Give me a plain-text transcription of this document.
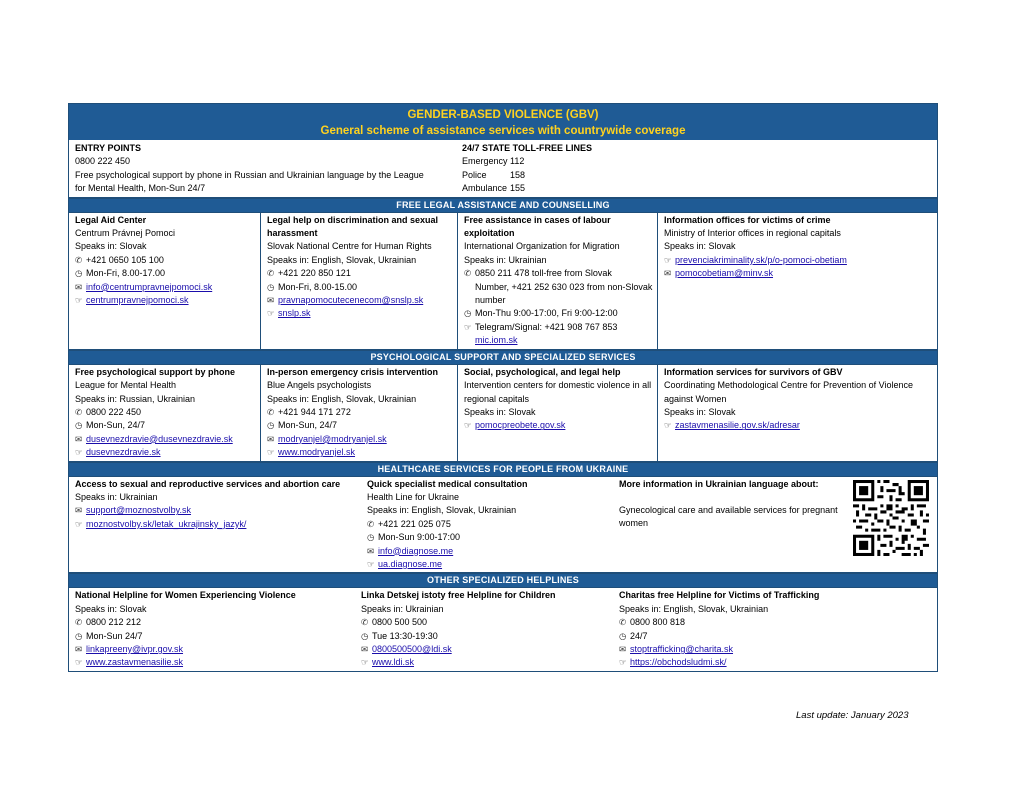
GENDER-BASED VIOLENCE (GBV)
General scheme of assistance services with countrywide coverage
ENTRY POINTS
0800 222 450
Free psychological support by phone in Russian and Ukrainian language by the League for Mental Health, Mon-Sun 24/7
24/7 STATE TOLL-FREE LINES
Emergency 112
Police	158
Ambulance 155
FREE LEGAL ASSISTANCE AND COUNSELLING
Legal Aid Center
Centrum Právnej Pomoci
Speaks in: Slovak
✆ +421 0650 105 100
◷ Mon-Fri, 8.00-17.00
✉ info@centrumpravnejpomoci.sk
☞ centrumpravnejpomoci.sk
Legal help on discrimination and sexual harassment
Slovak National Centre for Human Rights
Speaks in: English, Slovak, Ukrainian
✆ +421 220 850 121
◷ Mon-Fri, 8.00-15.00
✉ pravnapomocutecenecom@snslp.sk
☞ snslp.sk
Free assistance in cases of labour exploitation
International Organization for Migration
Speaks in: Ukrainian
✆ 0850 211 478 toll-free from Slovak
Number, +421 252 630 023 from non-Slovak number
◷ Mon-Thu 9:00-17:00, Fri 9:00-12:00
☞ Telegram/Signal: +421 908 767 853
mic.iom.sk
Information offices for victims of crime
Ministry of Interior offices in regional capitals
Speaks in: Slovak
☞ prevenciakriminality.sk/p/o-pomoci-obetiam
✉ pomocobetiam@minv.sk
PSYCHOLOGICAL SUPPORT AND SPECIALIZED SERVICES
Free psychological support by phone
League for Mental Health
Speaks in: Russian, Ukrainian
✆ 0800 222 450
◷ Mon-Sun, 24/7
✉ dusevnezdravie@dusevnezdravie.sk
☞ dusevnezdravie.sk
In-person emergency crisis intervention
Blue Angels psychologists
Speaks in: English, Slovak, Ukrainian
✆ +421 944 171 272
◷ Mon-Sun, 24/7
✉ modryanjel@modryanjel.sk
☞ www.modryanjel.sk
Social, psychological, and legal help
Intervention centers for domestic violence in all regional capitals
Speaks in: Slovak
☞ pomocpreobete.gov.sk
Information services for survivors of GBV
Coordinating Methodological Centre for Prevention of Violence against Women
Speaks in: Slovak
☞ zastavmenasilie.gov.sk/adresar
HEALTHCARE SERVICES FOR PEOPLE FROM UKRAINE
Access to sexual and reproductive services and abortion care
Speaks in: Ukrainian
✉ support@moznostvolby.sk
☞ moznostvolby.sk/letak_ukrajinsky_jazyk/
Quick specialist medical consultation
Health Line for Ukraine
Speaks in: English, Slovak, Ukrainian
✆ +421 221 025 075
◷ Mon-Sun 9:00-17:00
✉ info@diagnose.me
☞ ua.diagnose.me
More information in Ukrainian language about:
Gynecological care and available services for pregnant women
OTHER SPECIALIZED HELPLINES
National Helpline for Women Experiencing Violence
Speaks in: Slovak
✆ 0800 212 212
◷ Mon-Sun 24/7
✉ linkapreeny@ivpr.gov.sk
☞ www.zastavmenasilie.sk
Linka Detskej istoty free Helpline for Children
Speaks in: Ukrainian
✆ 0800 500 500
◷ Tue 13:30-19:30
✉ 0800500500@ldi.sk
☞ www.ldi.sk
Charitas free Helpline for Victims of Trafficking
Speaks in: English, Slovak, Ukrainian
✆ 0800 800 818
◷ 24/7
✉ stoptrafficking@charita.sk
☞ https://obchodsludmi.sk/
Last update: January 2023
